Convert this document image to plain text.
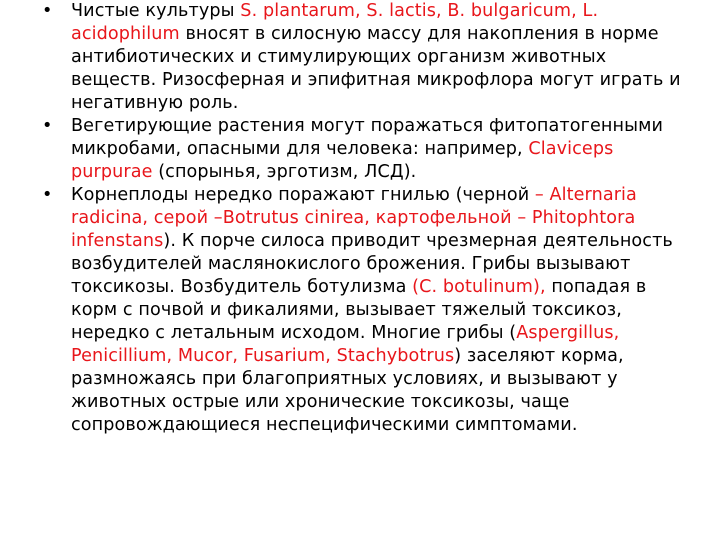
•	Чистые культуры S. plantarum, S. lactis, B. bulgaricum, L. acidophilum вносят в силосную массу для накопления в норме антибиотических и стимулирующих организм животных веществ. Ризосферная и эпифитная микрофлора могут играть и негативную роль.
•	Вегетирующие растения могут поражаться фитопатогенными микробами, опасными для человека: например, Claviceps purpurae (спорынья, эрготизм, ЛСД).
•	Корнеплоды нередко поражают гнилью (черной – Alternaria radicina, серой –Botrutus cinirea, картофельной – Phitophtora infenstans). К порче силоса приводит чрезмерная деятельность возбудителей маслянокислого брожения. Грибы вызывают токсикозы. Возбудитель ботулизма (C. botulinum), попадая в корм с почвой и фикалиями, вызывает тяжелый токсикоз, нередко с летальным исходом. Многие грибы (Aspergillus, Penicillium, Mucor, Fusarium, Stachybotrus) заселяют корма, размножаясь при благоприятных условиях, и вызывают у животных острые или хронические токсикозы, чаще сопровождающиеся неспецифическими симптомами.
